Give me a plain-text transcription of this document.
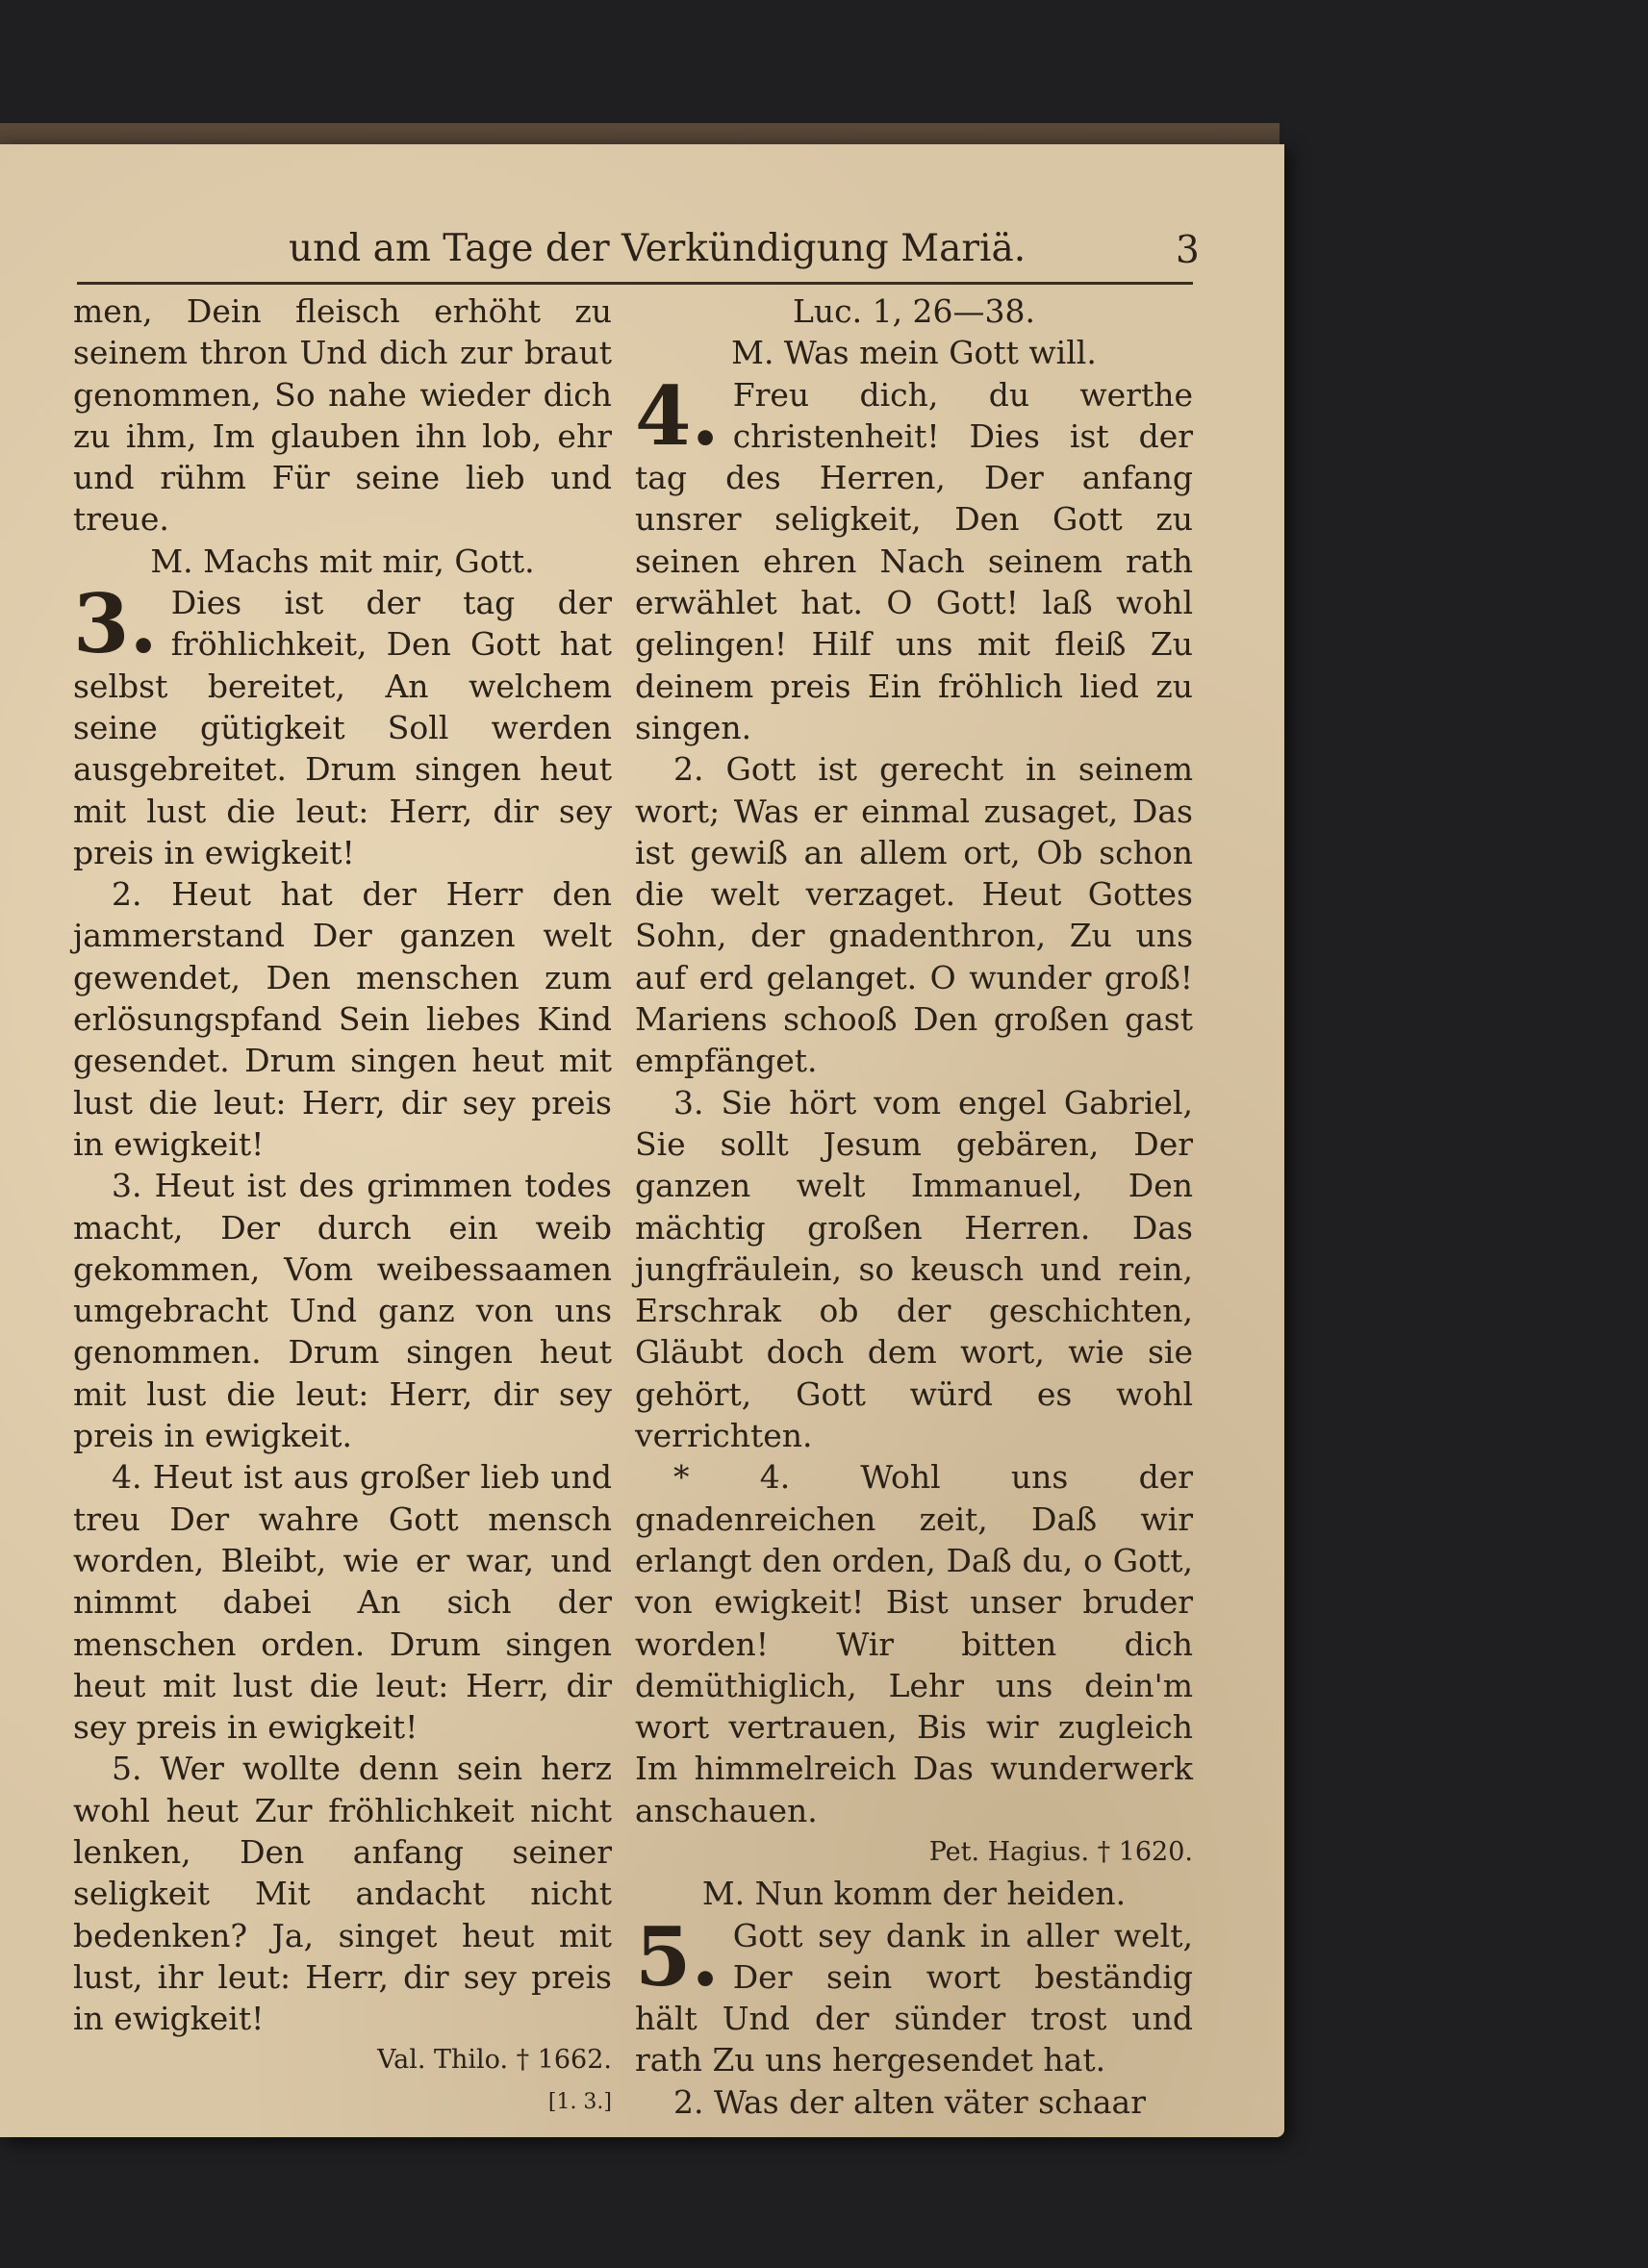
und am Tage der Verkündigung Mariä.	3

men, Dein fleisch erhöht zu seinem thron Und dich zur braut genommen, So nahe wieder dich zu ihm, Im glauben ihn lob, ehr und rühm Für seine lieb und treue.

M. Machs mit mir, Gott.

3. Dies ist der tag der fröhlichkeit, Den Gott hat selbst bereitet, An welchem seine gütigkeit Soll werden ausgebreitet. Drum singen heut mit lust die leut: Herr, dir sey preis in ewigkeit!

2. Heut hat der Herr den jammerstand Der ganzen welt gewendet, Den menschen zum erlösungspfand Sein liebes Kind gesendet. Drum singen heut mit lust die leut: Herr, dir sey preis in ewigkeit!

3. Heut ist des grimmen todes macht, Der durch ein weib gekommen, Vom weibessaamen umgebracht Und ganz von uns genommen. Drum singen heut mit lust die leut: Herr, dir sey preis in ewigkeit.

4. Heut ist aus großer lieb und treu Der wahre Gott mensch worden, Bleibt, wie er war, und nimmt dabei An sich der menschen orden. Drum singen heut mit lust die leut: Herr, dir sey preis in ewigkeit!

5. Wer wollte denn sein herz wohl heut Zur fröhlichkeit nicht lenken, Den anfang seiner seligkeit Mit andacht nicht bedenken? Ja, singet heut mit lust, ihr leut: Herr, dir sey preis in ewigkeit!

Val. Thilo. † 1662.

[1. 3.]

Luc. 1, 26—38.

M. Was mein Gott will.

4. Freu dich, du werthe christenheit! Dies ist der tag des Herren, Der anfang unsrer seligkeit, Den Gott zu seinen ehren Nach seinem rath erwählet hat. O Gott! laß wohl gelingen! Hilf uns mit fleiß Zu deinem preis Ein fröhlich lied zu singen.

2. Gott ist gerecht in seinem wort; Was er einmal zusaget, Das ist gewiß an allem ort, Ob schon die welt verzaget. Heut Gottes Sohn, der gnadenthron, Zu uns auf erd gelanget. O wunder groß! Mariens schooß Den großen gast empfänget.

3. Sie hört vom engel Gabriel, Sie sollt Jesum gebären, Der ganzen welt Immanuel, Den mächtig großen Herren. Das jungfräulein, so keusch und rein, Erschrak ob der geschichten, Gläubt doch dem wort, wie sie gehört, Gott würd es wohl verrichten.

* 4. Wohl uns der gnadenreichen zeit, Daß wir erlangt den orden, Daß du, o Gott, von ewigkeit! Bist unser bruder worden! Wir bitten dich demüthiglich, Lehr uns dein'm wort vertrauen, Bis wir zugleich Im himmelreich Das wunderwerk anschauen.

Pet. Hagius. † 1620.

M. Nun komm der heiden.

5. Gott sey dank in aller welt, Der sein wort beständig hält Und der sünder trost und rath Zu uns hergesendet hat.

2. Was der alten väter schaar
